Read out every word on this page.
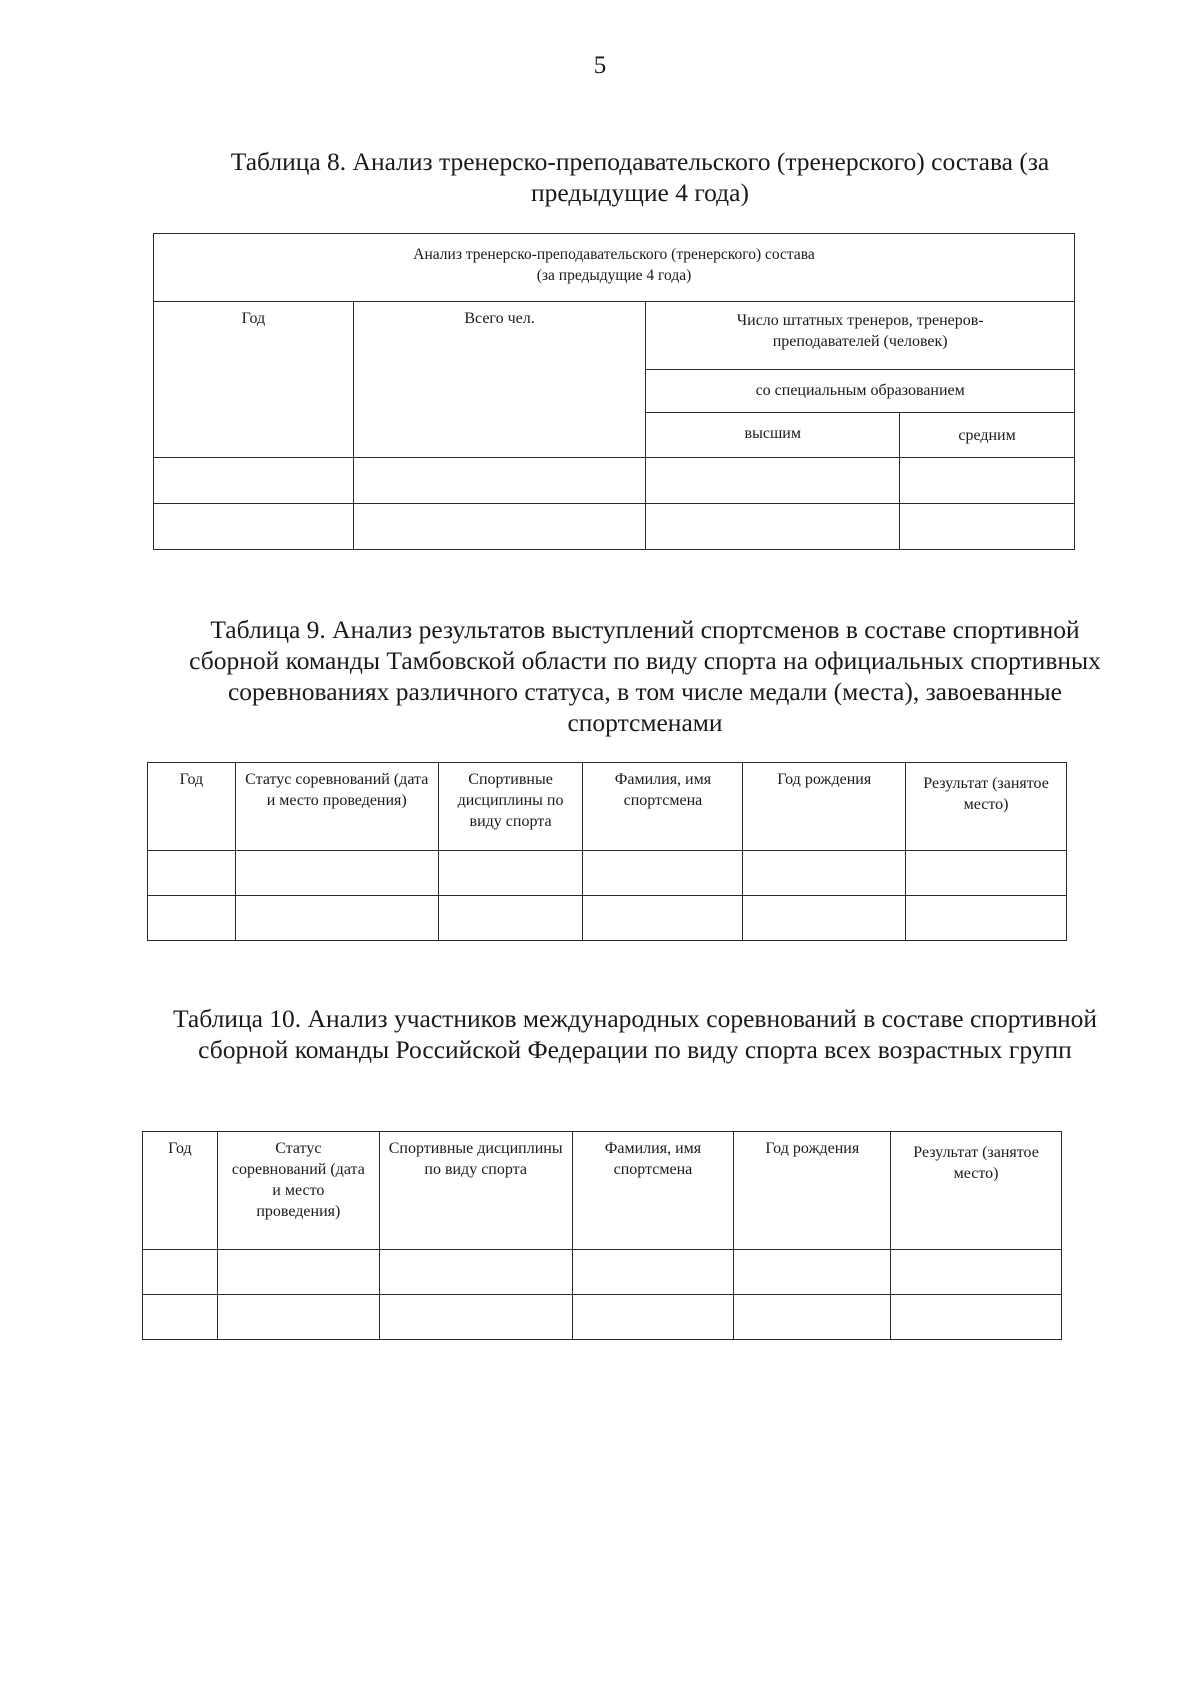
5
Таблица 8. Анализ тренерско-преподавательского (тренерского) состава (за предыдущие 4 года)
Анализ тренерско-преподавательского (тренерского) состава
(за предыдущие 4 года)			

Год	Всего чел.	Число штатных тренеров, тренеров-преподавателей (человек)	
		со специальным образованием	
		высшим	средним

Таблица 9. Анализ результатов выступлений спортсменов в составе спортивной сборной команды Тамбовской области по виду спорта на официальных спортивных соревнованиях различного статуса, в том числе медали (места), завоеванные спортсменами
Год	Статус соревнований (дата и место проведения)	Спортивные дисциплины по виду спорта	Фамилия, имя спортсмена	Год рождения	Результат (занятое место)

Таблица 10. Анализ участников международных соревнований в составе спортивной сборной команды Российской Федерации по виду спорта всех возрастных групп
Год	Статус соревнований (дата и место проведения)	Спортивные дисциплины по виду спорта	Фамилия, имя спортсмена	Год рождения	Результат (занятое место)
